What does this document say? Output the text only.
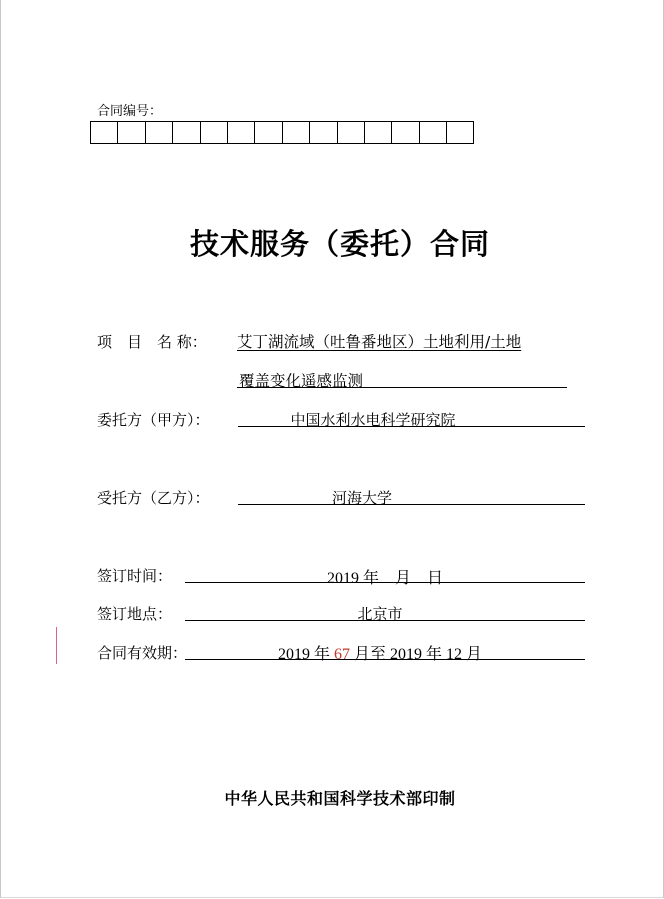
合同编号：
技术服务（委托）合同
项　目　名 称： 艾丁湖流域（吐鲁番地区）土地利用/土地
覆盖变化遥感监测
委托方（甲方）：	中国水利水电科学研究院
受托方（乙方）：	河海大学
签订时间：	2019 年　月　日
签订地点：	北京市
合同有效期：	2019 年 67 月至 2019 年 12 月
中华人民共和国科学技术部印制
